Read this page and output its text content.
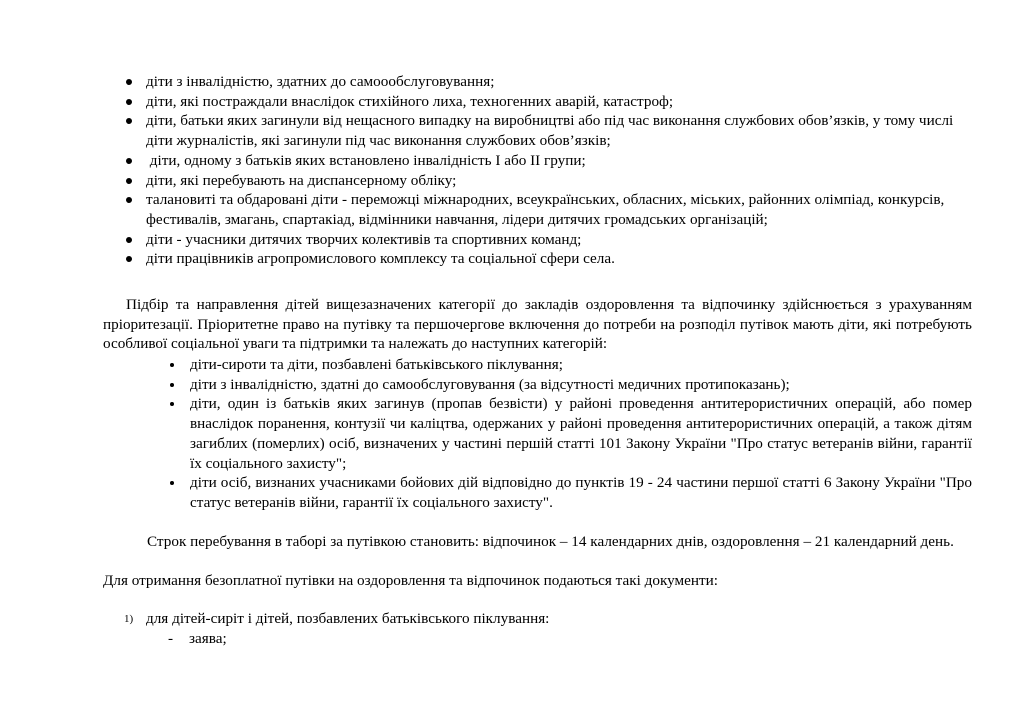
діти з інвалідністю, здатних до самоообслуговування;
діти, які постраждали внаслідок стихійного лиха, техногенних аварій, катастроф;
діти, батьки яких загинули від нещасного випадку на виробництві або під час виконання службових обов’язків, у тому числі діти журналістів, які загинули під час виконання службових обов’язків;
діти, одному з батьків яких встановлено інвалідність І або ІІ групи;
діти, які перебувають на диспансерному обліку;
талановиті та обдаровані діти - переможці міжнародних, всеукраїнських, обласних, міських, районних олімпіад, конкурсів, фестивалів, змагань, спартакіад, відмінники навчання, лідери дитячих громадських організацій;
діти - учасники дитячих творчих колективів та спортивних команд;
діти працівників агропромислового комплексу та соціальної сфери села.

Підбір та направлення дітей вищезазначених категорії до закладів оздоровлення та відпочинку здійснюється з урахуванням пріоритезації. Пріоритетне право на путівку та першочергове включення до потреби на розподіл путівок мають діти, які потребують особливої соціальної уваги та підтримки та належать до наступних категорій:

діти-сироти та діти, позбавлені батьківського піклування;
діти з інвалідністю, здатні до самообслуговування (за відсутності медичних протипоказань);
діти, один із батьків яких загинув (пропав безвісти) у районі проведення антитерористичних операцій, або помер внаслідок поранення, контузії чи каліцтва, одержаних у районі проведення антитерористичних операцій, а також дітям загиблих (померлих) осіб, визначених у частині першій статті 101 Закону України "Про статус ветеранів війни, гарантії їх соціального захисту";
діти осіб, визнаних учасниками бойових дій відповідно до пунктів 19 - 24 частини першої статті 6 Закону України "Про статус ветеранів війни, гарантії їх соціального захисту".

Строк перебування в таборі за путівкою становить: відпочинок – 14 календарних днів, оздоровлення – 21 календарний день.

Для отримання безоплатної путівки на оздоровлення та відпочинок подаються такі документи:

1) для дітей-сиріт і дітей, позбавлених батьківського піклування:
- заява;
